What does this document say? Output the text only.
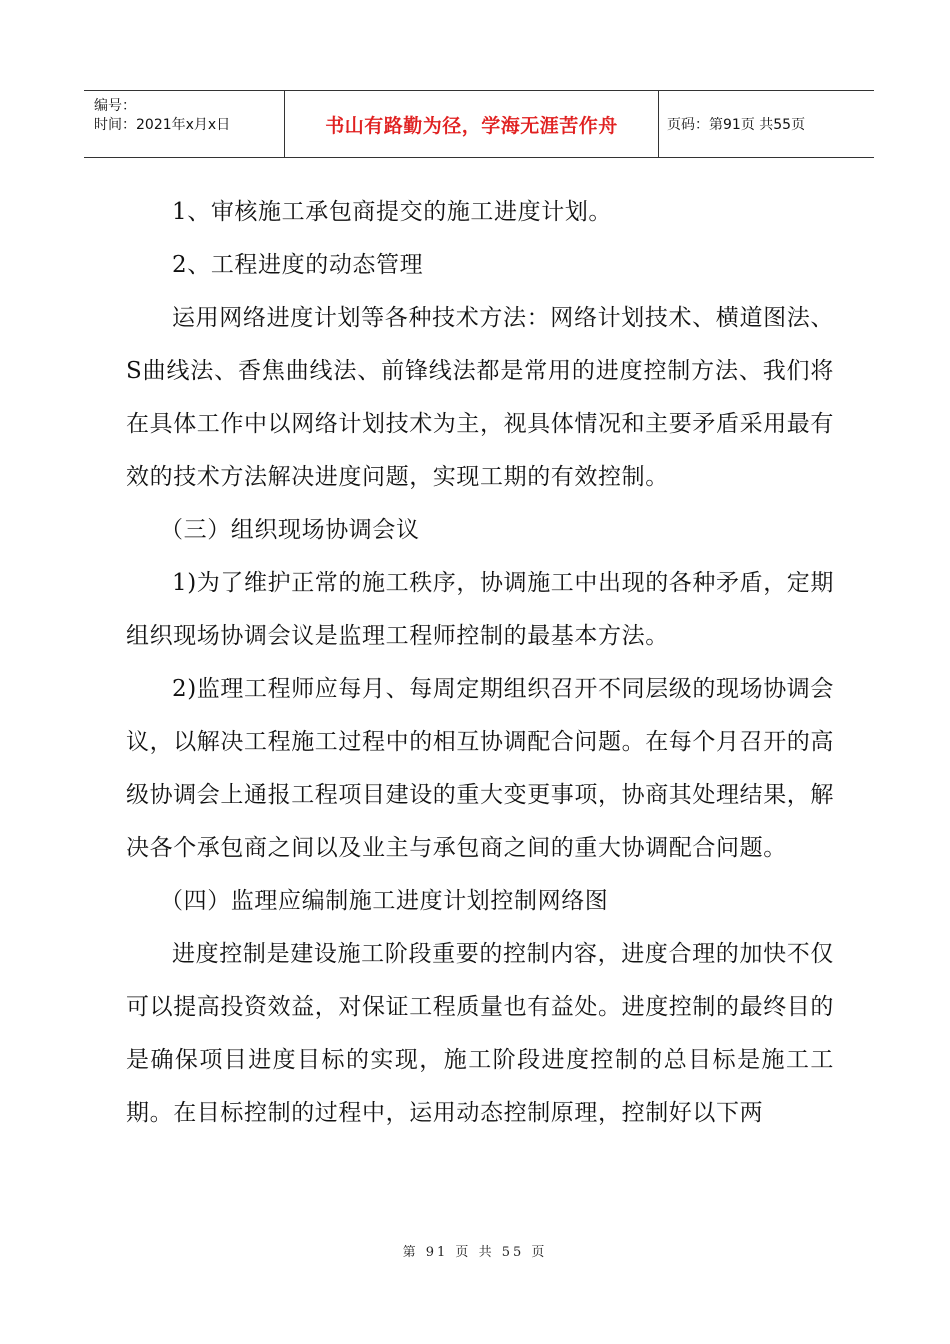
编号：
时间：2021年x月x日	书山有路勤为径，学海无涯苦作舟	页码：第91页 共55页

1、审核施工承包商提交的施工进度计划。

2、工程进度的动态管理

运用网络进度计划等各种技术方法：网络计划技术、横道图法、S曲线法、香焦曲线法、前锋线法都是常用的进度控制方法、我们将在具体工作中以网络计划技术为主，视具体情况和主要矛盾采用最有效的技术方法解决进度问题，实现工期的有效控制。

（三）组织现场协调会议

1)为了维护正常的施工秩序，协调施工中出现的各种矛盾，定期组织现场协调会议是监理工程师控制的最基本方法。

2)监理工程师应每月、每周定期组织召开不同层级的现场协调会议，以解决工程施工过程中的相互协调配合问题。在每个月召开的高级协调会上通报工程项目建设的重大变更事项，协商其处理结果，解决各个承包商之间以及业主与承包商之间的重大协调配合问题。

（四）监理应编制施工进度计划控制网络图

进度控制是建设施工阶段重要的控制内容，进度合理的加快不仅可以提高投资效益，对保证工程质量也有益处。进度控制的最终目的是确保项目进度目标的实现，施工阶段进度控制的总目标是施工工期。在目标控制的过程中，运用动态控制原理，控制好以下两

第 91 页 共 55 页
